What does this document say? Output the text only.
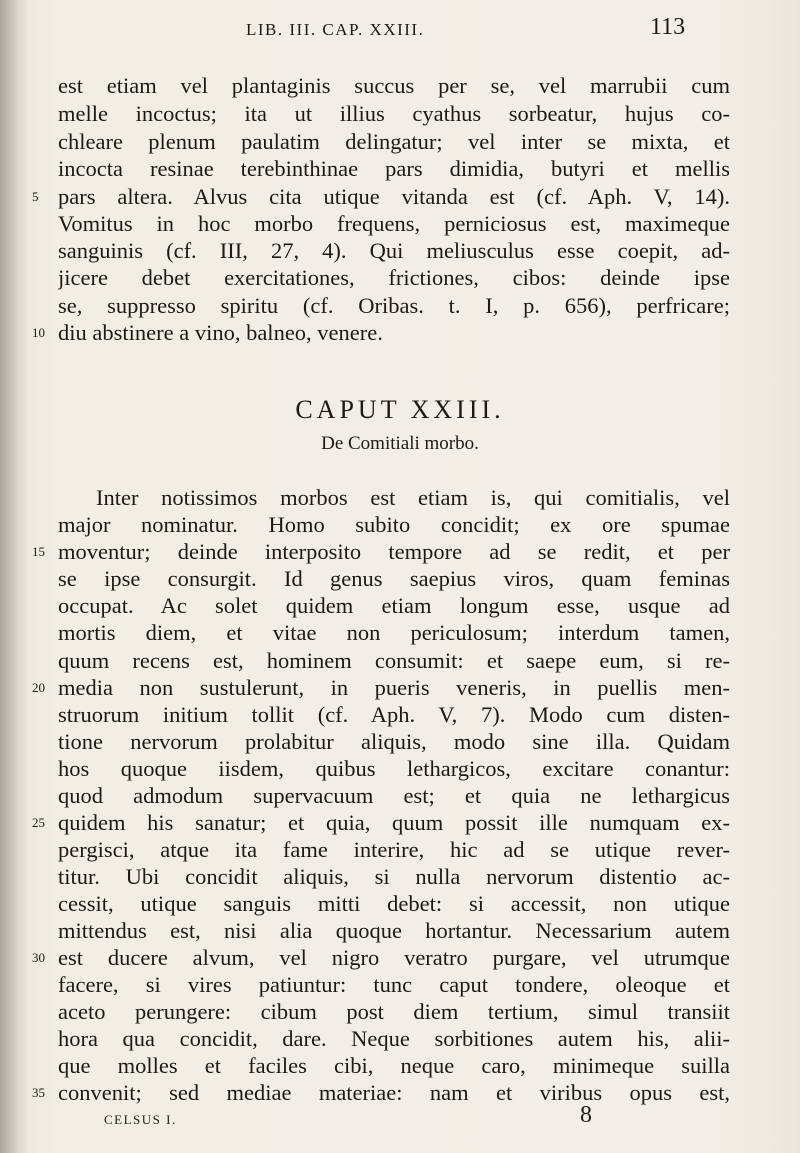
LIB. III. CAP. XXIII.	113
est etiam vel plantaginis succus per se, vel marrubii cum
melle incoctus; ita ut illius cyathus sorbeatur, hujus co-
chleare plenum paulatim delingatur; vel inter se mixta, et
incocta resinae terebinthinae pars dimidia, butyri et mellis
pars altera. Alvus cita utique vitanda est (cf. Aph. V, 14).
Vomitus in hoc morbo frequens, perniciosus est, maximeque
sanguinis (cf. III, 27, 4). Qui meliusculus esse coepit, ad-
jicere debet exercitationes, frictiones, cibos: deinde ipse
se, suppresso spiritu (cf. Oribas. t. I, p. 656), perfricare;
diu abstinere a vino, balneo, venere.
CAPUT XXIII.
De Comitiali morbo.
Inter notissimos morbos est etiam is, qui comitialis, vel
major nominatur. Homo subito concidit; ex ore spumae
moventur; deinde interposito tempore ad se redit, et per
se ipse consurgit. Id genus saepius viros, quam feminas
occupat. Ac solet quidem etiam longum esse, usque ad
mortis diem, et vitae non periculosum; interdum tamen,
quum recens est, hominem consumit: et saepe eum, si re-
media non sustulerunt, in pueris veneris, in puellis men-
struorum initium tollit (cf. Aph. V, 7). Modo cum disten-
tione nervorum prolabitur aliquis, modo sine illa. Quidam
hos quoque iisdem, quibus lethargicos, excitare conantur:
quod admodum supervacuum est; et quia ne lethargicus
quidem his sanatur; et quia, quum possit ille numquam ex-
pergisci, atque ita fame interire, hic ad se utique rever-
titur. Ubi concidit aliquis, si nulla nervorum distentio ac-
cessit, utique sanguis mitti debet: si accessit, non utique
mittendus est, nisi alia quoque hortantur. Necessarium autem
est ducere alvum, vel nigro veratro purgare, vel utrumque
facere, si vires patiuntur: tunc caput tondere, oleoque et
aceto perungere: cibum post diem tertium, simul transiit
hora qua concidit, dare. Neque sorbitiones autem his, alii-
que molles et faciles cibi, neque caro, minimeque suilla
convenit; sed mediae materiae: nam et viribus opus est,
5
10
15
20
25
30
35
CELSUS I.	8
